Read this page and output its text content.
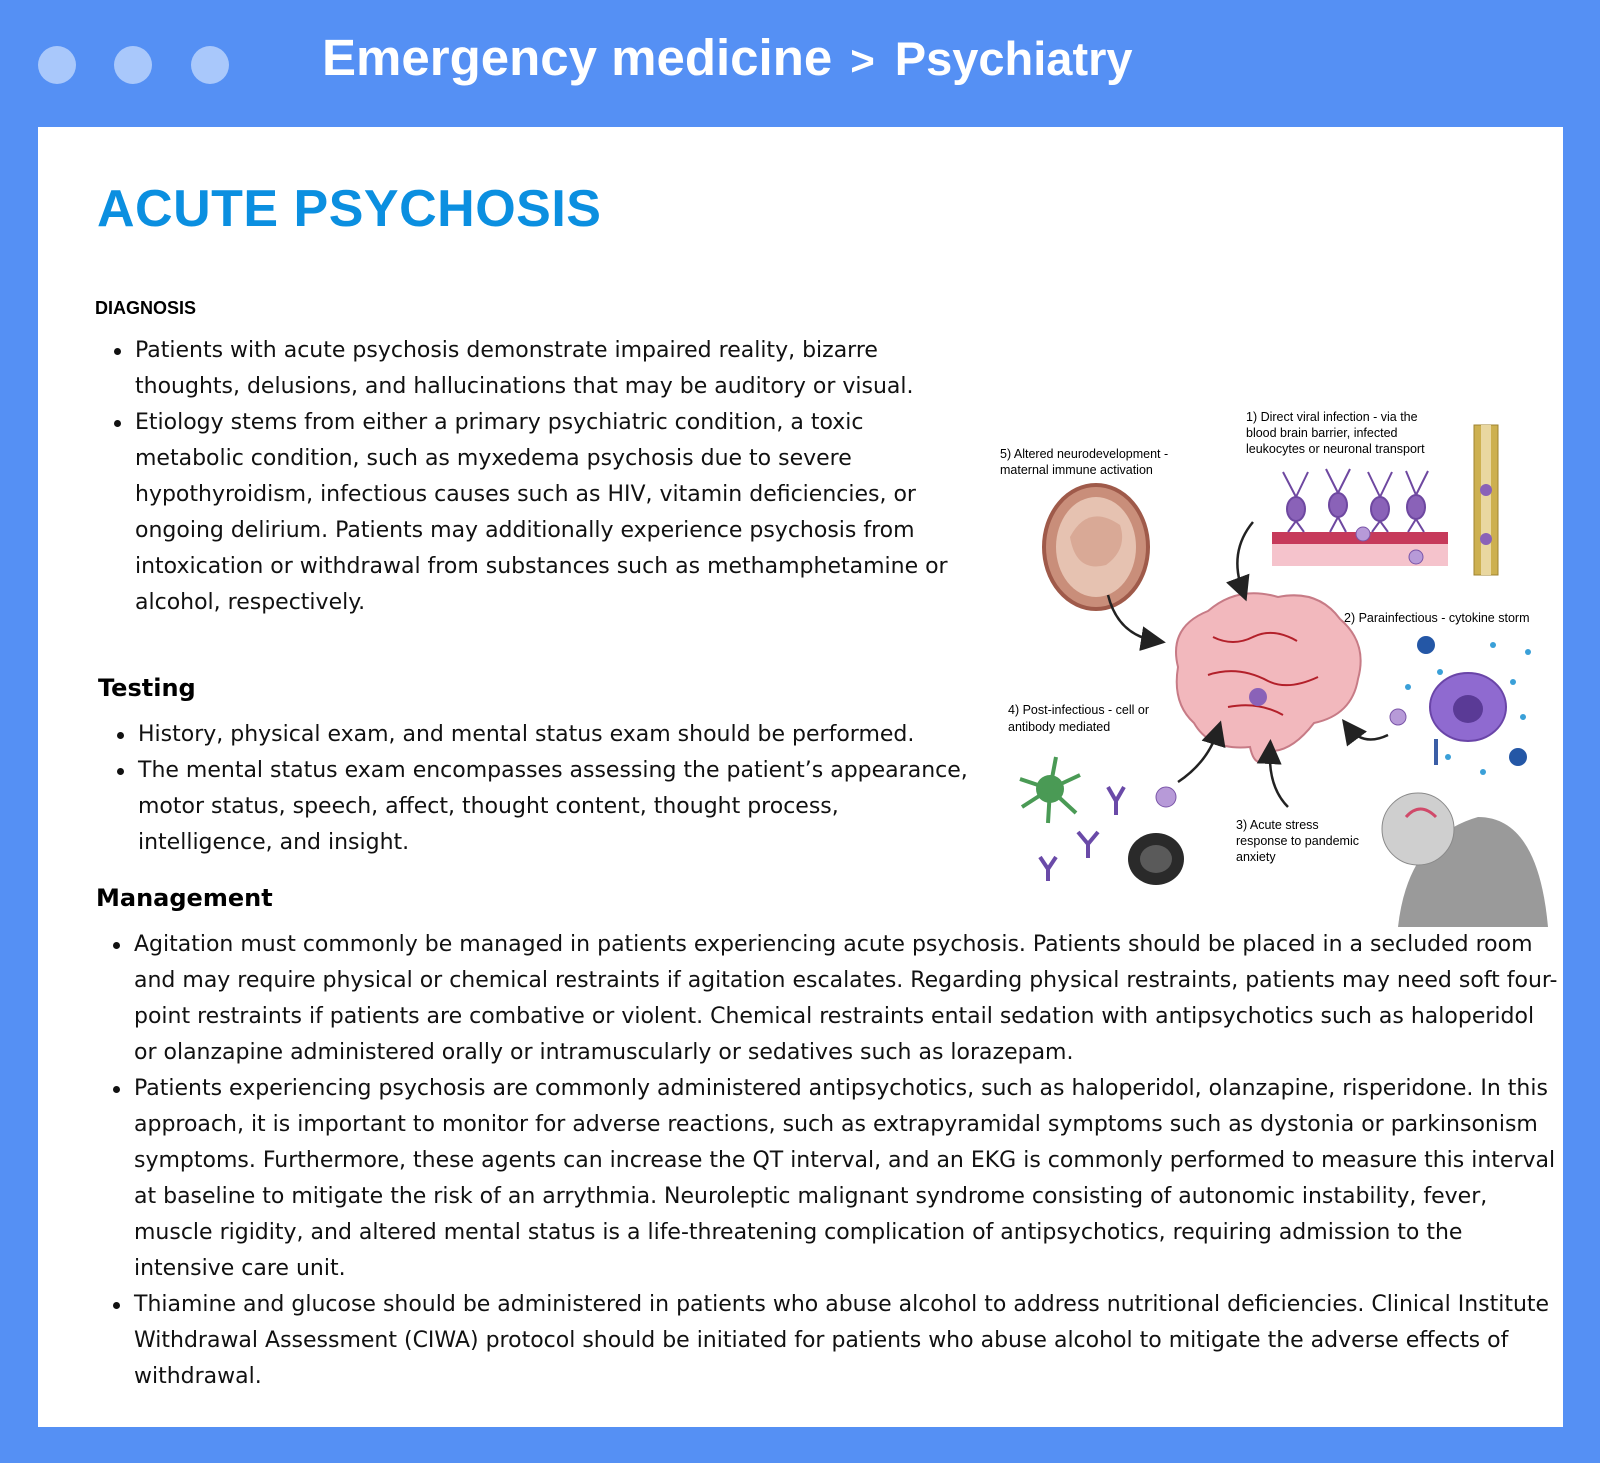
Emergency medicine > Psychiatry
ACUTE PSYCHOSIS
DIAGNOSIS
Patients with acute psychosis demonstrate impaired reality, bizarre thoughts, delusions, and hallucinations that may be auditory or visual.
Etiology stems from either a primary psychiatric condition, a toxic metabolic condition, such as myxedema psychosis due to severe hypothyroidism, infectious causes such as HIV, vitamin deficiencies, or ongoing delirium. Patients may additionally experience psychosis from intoxication or withdrawal from substances such as methamphetamine or alcohol, respectively.
Testing
History, physical exam, and mental status exam should be performed.
The mental status exam encompasses assessing the patient’s appearance, motor status, speech, affect, thought content, thought process, intelligence, and insight.
Management
Agitation must commonly be managed in patients experiencing acute psychosis. Patients should be placed in a secluded room and may require physical or chemical restraints if agitation escalates. Regarding physical restraints, patients may need soft four-point restraints if patients are combative or violent. Chemical restraints entail sedation with antipsychotics such as haloperidol or olanzapine administered orally or intramuscularly or sedatives such as lorazepam.
Patients experiencing psychosis are commonly administered antipsychotics, such as haloperidol, olanzapine, risperidone. In this approach, it is important to monitor for adverse reactions, such as extrapyramidal symptoms such as dystonia or parkinsonism symptoms. Furthermore, these agents can increase the QT interval, and an EKG is commonly performed to measure this interval at baseline to mitigate the risk of an arrythmia. Neuroleptic malignant syndrome consisting of autonomic instability, fever, muscle rigidity, and altered mental status is a life-threatening complication of antipsychotics, requiring admission to the intensive care unit.
Thiamine and glucose should be administered in patients who abuse alcohol to address nutritional deficiencies. Clinical Institute Withdrawal Assessment (CIWA) protocol should be initiated for patients who abuse alcohol to mitigate the adverse effects of withdrawal.
1) Direct viral infection - via the
blood brain barrier, infected
leukocytes or neuronal transport
5) Altered neurodevelopment -
maternal immune activation
2) Parainfectious - cytokine storm
4) Post-infectious - cell or
antibody mediated
3) Acute stress
response to pandemic
anxiety
